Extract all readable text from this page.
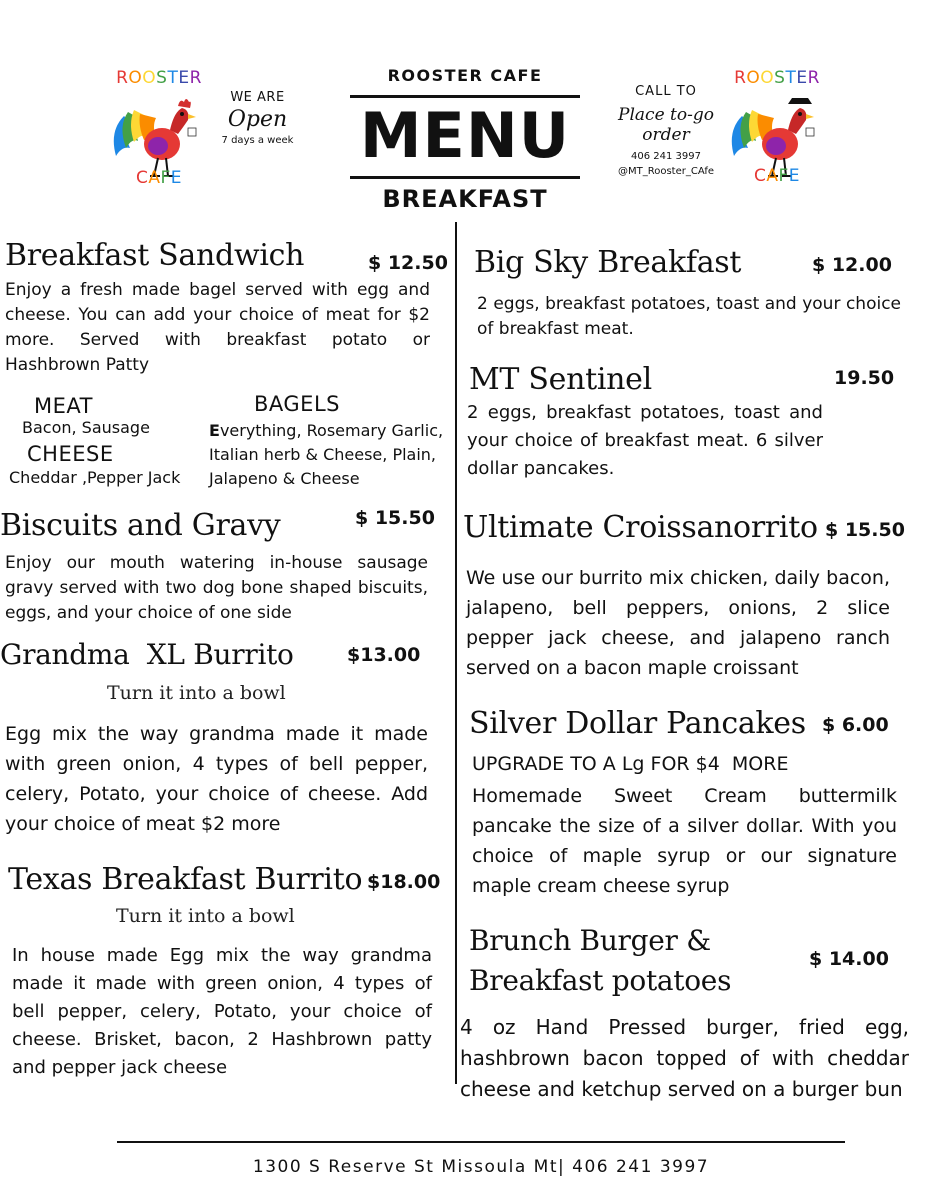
ROOSTER
CAFE
WE ARE
Open
7 days a week
ROOSTER CAFE
MENU
BREAKFAST
CALL TO
Place to-go order
406 241 3997
@MT_Rooster_CAfe
ROOSTER
CAFE
Breakfast Sandwich	$ 12.50
Enjoy a fresh made bagel served with egg and cheese. You can add your choice of meat for $2 more. Served with breakfast potato or Hashbrown Patty
MEAT
Bacon, Sausage
CHEESE
Cheddar ,Pepper Jack
BAGELS
Everything, Rosemary Garlic, Italian herb & Cheese, Plain, Jalapeno & Cheese
Biscuits and Gravy	$ 15.50
Enjoy our mouth watering in-house sausage gravy served with two dog bone shaped biscuits, eggs, and your choice of one side
Grandma  XL Burrito	$13.00
Turn it into a bowl
Egg mix the way grandma made it made with green onion, 4 types of bell pepper, celery, Potato, your choice of cheese. Add your choice of meat $2 more
Texas Breakfast Burrito $18.00
Turn it into a bowl
In house made Egg mix the way grandma made it made with green onion, 4 types of bell pepper, celery, Potato, your choice of cheese. Brisket, bacon, 2 Hashbrown patty and pepper jack cheese
Big Sky Breakfast	$ 12.00
2 eggs, breakfast potatoes, toast and your choice of breakfast meat.
MT Sentinel	19.50
2 eggs, breakfast potatoes, toast and your choice of breakfast meat. 6 silver dollar pancakes.
Ultimate Croissanorrito $ 15.50
We use our burrito mix chicken, daily bacon, jalapeno, bell peppers, onions, 2 slice pepper jack cheese, and jalapeno ranch served on a bacon maple croissant
Silver Dollar Pancakes $ 6.00
UPGRADE TO A Lg FOR $4  MORE
Homemade Sweet Cream buttermilk pancake the size of a silver dollar. With you choice of maple syrup or our signature maple cream cheese syrup
Brunch Burger &
Breakfast potatoes
$ 14.00
4 oz Hand Pressed burger, fried egg, hashbrown bacon topped of with cheddar cheese and ketchup served on a burger bun
1300 S Reserve St Missoula Mt| 406 241 3997
